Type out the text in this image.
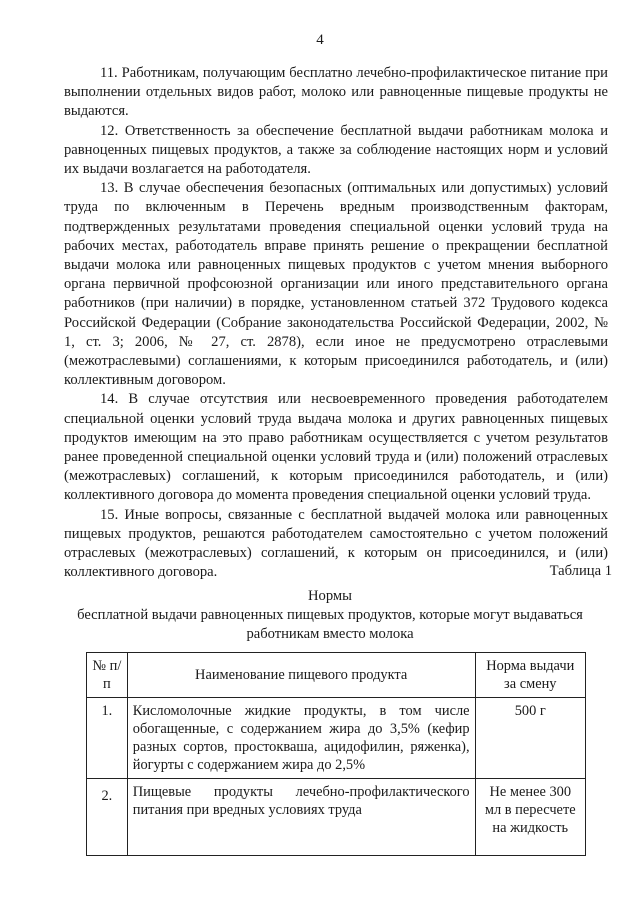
4

11. Работникам, получающим бесплатно лечебно-профилактическое питание при выполнении отдельных видов работ, молоко или равноценные пищевые продукты не выдаются.

12. Ответственность за обеспечение бесплатной выдачи работникам молока и равноценных пищевых продуктов, а также за соблюдение настоящих норм и условий их выдачи возлагается на работодателя.

13. В случае обеспечения безопасных (оптимальных или допустимых) условий труда по включенным в Перечень вредным производственным факторам, подтвержденных результатами проведения специальной оценки условий труда на рабочих местах, работодатель вправе принять решение о прекращении бесплатной выдачи молока или равноценных пищевых продуктов с учетом мнения выборного органа первичной профсоюзной организации или иного представительного органа работников (при наличии) в порядке, установленном статьей 372 Трудового кодекса Российской Федерации (Собрание законодательства Российской Федерации, 2002, № 1, ст. 3; 2006, № 27, ст. 2878), если иное не предусмотрено отраслевыми (межотраслевыми) соглашениями, к которым присоединился работодатель, и (или) коллективным договором.

14. В случае отсутствия или несвоевременного проведения работодателем специальной оценки условий труда выдача молока и других равноценных пищевых продуктов имеющим на это право работникам осуществляется с учетом результатов ранее проведенной специальной оценки условий труда и (или) положений отраслевых (межотраслевых) соглашений, к которым присоединился работодатель, и (или) коллективного договора до момента проведения специальной оценки условий труда.

15. Иные вопросы, связанные с бесплатной выдачей молока или равноценных пищевых продуктов, решаются работодателем самостоятельно с учетом положений отраслевых (межотраслевых) соглашений, к которым он присоединился, и (или) коллективного договора.	Таблица 1
Нормы
бесплатной выдачи равноценных пищевых продуктов, которые могут выдаваться
работникам вместо молока
№ п/п	Наименование пищевого продукта	Норма выдачи за смену
1.	Кисломолочные жидкие продукты, в том числе обогащенные, с содержанием жира до 3,5% (кефир разных сортов, простокваша, ацидофилин, ряженка), йогурты с содержанием жира до 2,5%	500 г
2.	Пищевые продукты лечебно-профилактического питания при вредных условиях труда	Не менее 300 мл в пересчете на жидкость
